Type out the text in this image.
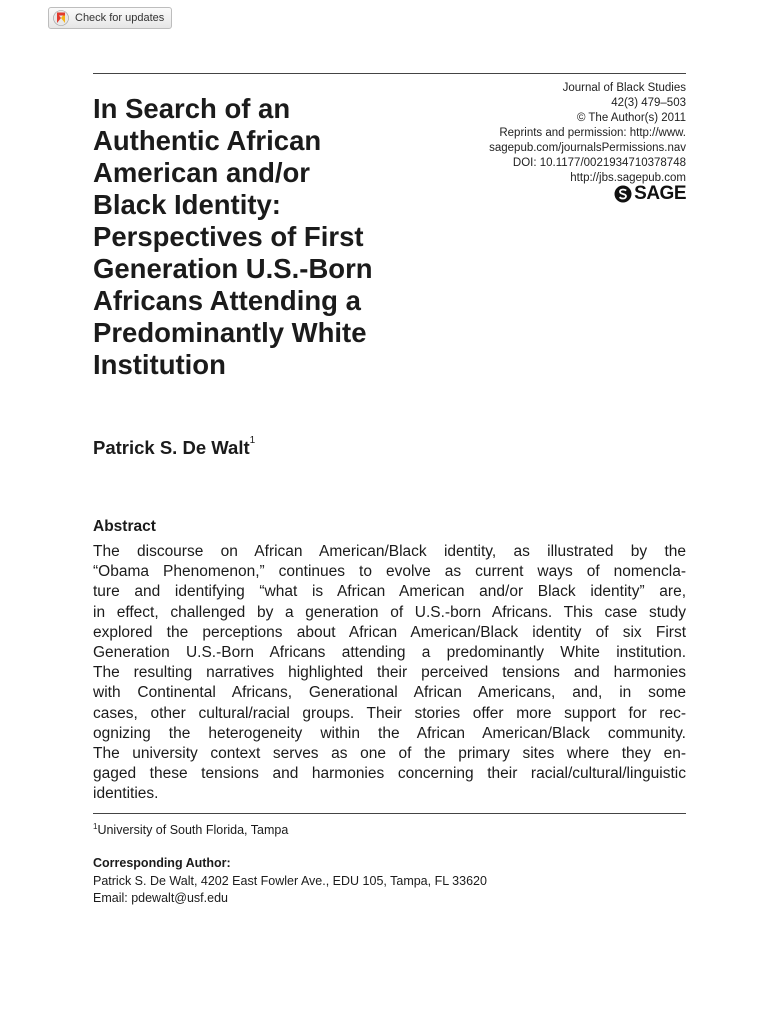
Check for updates
In Search of an
Authentic African
American and/or
Black Identity:
Perspectives of First
Generation U.S.-Born
Africans Attending a
Predominantly White
Institution
Journal of Black Studies
42(3) 479–503
© The Author(s) 2011
Reprints and permission: http://www.
sagepub.com/journalsPermissions.nav
DOI: 10.1177/0021934710378748
http://jbs.sagepub.com
SAGE
Patrick S. De Walt$^1$
Abstract
The discourse on African American/Black identity, as illustrated by the
“Obama Phenomenon,” continues to evolve as current ways of nomencla-
ture and identifying “what is African American and/or Black identity” are,
in effect, challenged by a generation of U.S.-born Africans. This case study
explored the perceptions about African American/Black identity of six First
Generation U.S.-Born Africans attending a predominantly White institution.
The resulting narratives highlighted their perceived tensions and harmonies
with Continental Africans, Generational African Americans, and, in some
cases, other cultural/racial groups. Their stories offer more support for rec-
ognizing the heterogeneity within the African American/Black community.
The university context serves as one of the primary sites where they en-
gaged these tensions and harmonies concerning their racial/cultural/linguistic
identities.
$^1$University of South Florida, Tampa
Corresponding Author:
Patrick S. De Walt, 4202 East Fowler Ave., EDU 105, Tampa, FL 33620
Email: pdewalt@usf.edu
